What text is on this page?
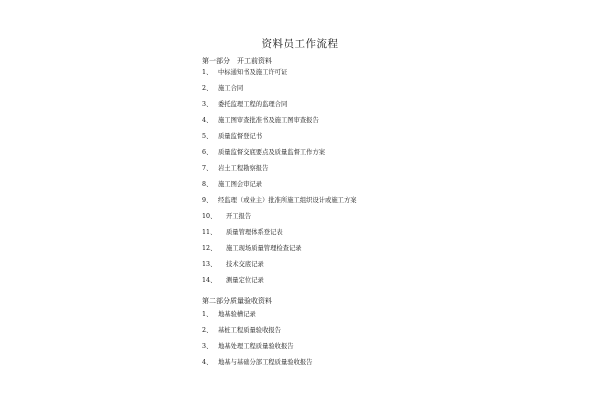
资料员工作流程
第一部分　开工前资料
1、 中标通知书及施工许可证
2、 施工合同
3、 委托监理工程的监理合同
4、 施工图审查批准书及施工图审查报告
5、 质量监督登记书
6、 质量监督交底要点及质量监督工作方案
7、 岩土工程勘察报告
8、 施工图会审记录
9、 经监理（或业主）批准所施工组织设计或施工方案
10、 开工报告
11、 质量管理体系登记表
12、 施工现场质量管理检查记录
13、 技术交底记录
14、 测量定位记录
第二部分质量验收资料
1、 地基验槽记录
2、 基桩工程质量验收报告
3、 地基处理工程质量验收报告
4、 地基与基础分部工程质量验收报告
